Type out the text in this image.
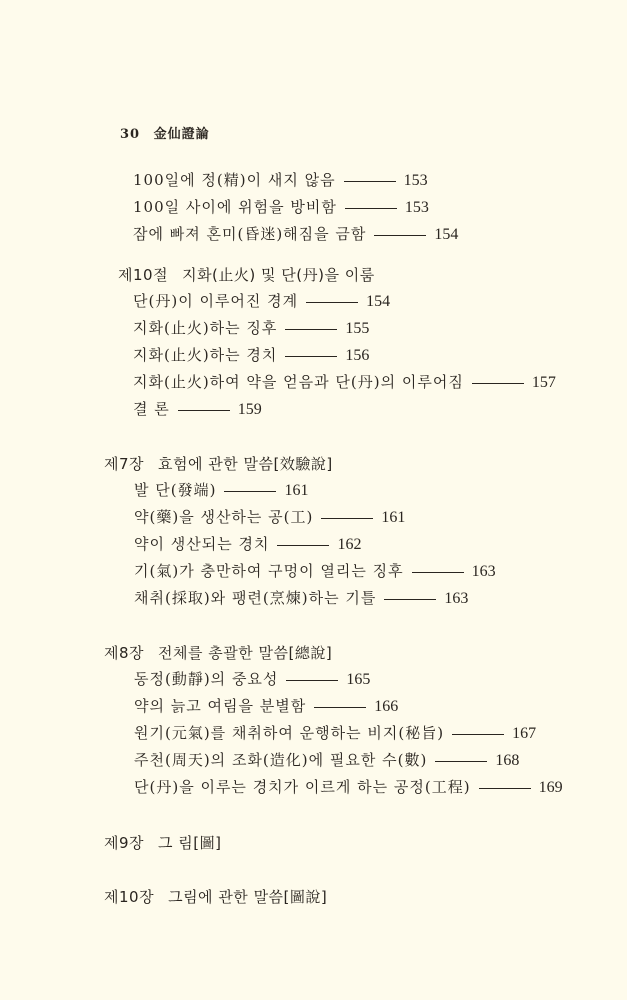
30 金仙證論
100일에 정(精)이 새지 않음	153
100일 사이에 위험을 방비함	153
잠에 빠져 혼미(昏迷)해짐을 금함	154
제10절 지화(止火) 및 단(丹)을 이룸
단(丹)이 이루어진 경계	154
지화(止火)하는 징후	155
지화(止火)하는 경치	156
지화(止火)하여 약을 얻음과 단(丹)의 이루어짐	157
결 론	159
제7장 효험에 관한 말씀[效驗說]
발 단(發端)	161
약(藥)을 생산하는 공(工)	161
약이 생산되는 경치	162
기(氣)가 충만하여 구멍이 열리는 징후	163
채취(採取)와 팽련(烹煉)하는 기틀	163
제8장 전체를 총괄한 말씀[總說]
동정(動靜)의 중요성	165
약의 늙고 여림을 분별함	166
원기(元氣)를 채취하여 운행하는 비지(秘旨)	167
주천(周天)의 조화(造化)에 필요한 수(數)	168
단(丹)을 이루는 경치가 이르게 하는 공정(工程)	169
제9장 그 림[圖]
제10장 그림에 관한 말씀[圖說]
